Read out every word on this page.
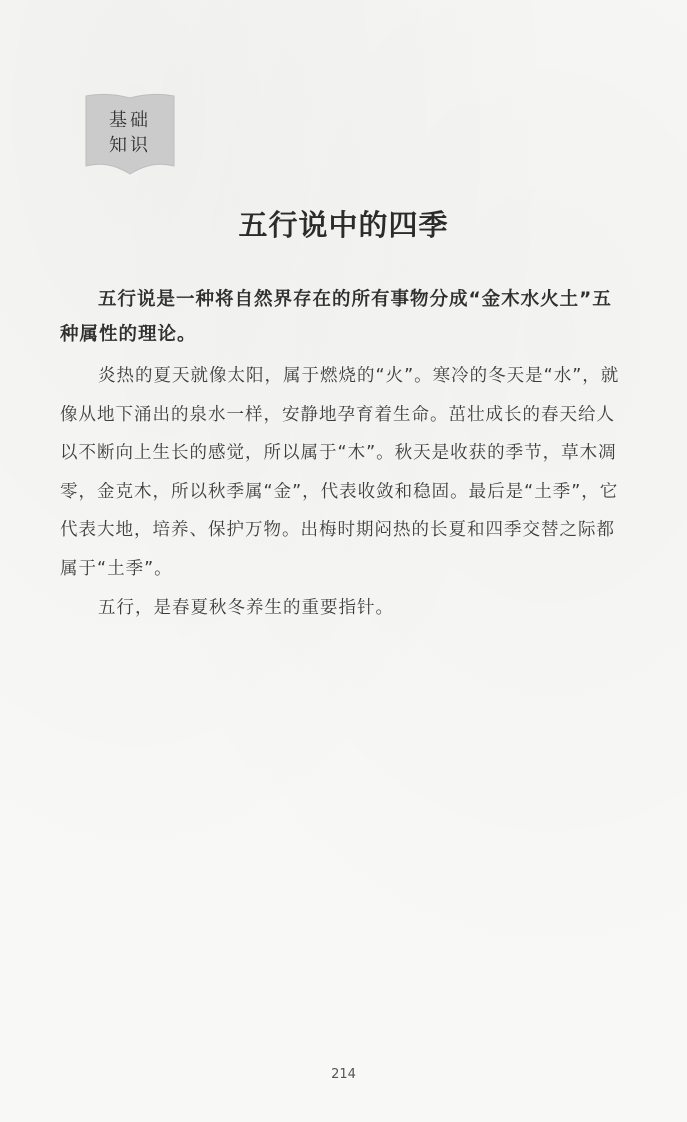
基础
知识
五行说中的四季
五行说是一种将自然界存在的所有事物分成“金木水火土”五种属性的理论。

炎热的夏天就像太阳，属于燃烧的“火”。寒冷的冬天是“水”，就像从地下涌出的泉水一样，安静地孕育着生命。茁壮成长的春天给人以不断向上生长的感觉，所以属于“木”。秋天是收获的季节，草木凋零，金克木，所以秋季属“金”，代表收敛和稳固。最后是“土季”，它代表大地，培养、保护万物。出梅时期闷热的长夏和四季交替之际都属于“土季”。

五行，是春夏秋冬养生的重要指针。

214
